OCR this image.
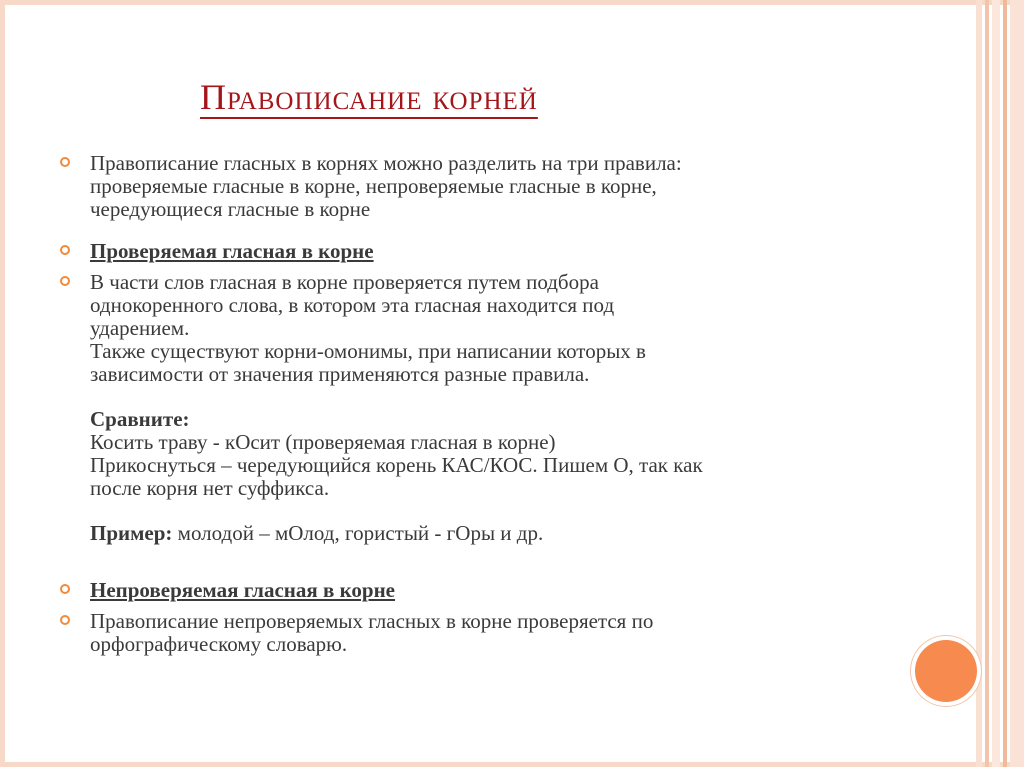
Правописание корней
Правописание гласных в корнях можно разделить на три правила:
проверяемые гласные в корне, непроверяемые гласные в корне,
чередующиеся гласные в корне
Проверяемая гласная в корне
В части слов гласная в корне проверяется путем подбора
однокоренного слова, в котором эта гласная находится под
ударением.
Также существуют корни-омонимы, при написании которых в
зависимости от значения применяются разные правила.
Сравните:
Косить траву - кОсит (проверяемая гласная в корне)
Прикоснуться – чередующийся корень КАС/КОС. Пишем О, так как
после корня нет суффикса.
Пример: молодой – мОлод, гористый - гОры и др.
Непроверяемая гласная в корне
Правописание непроверяемых гласных в корне проверяется по
орфографическому словарю.
